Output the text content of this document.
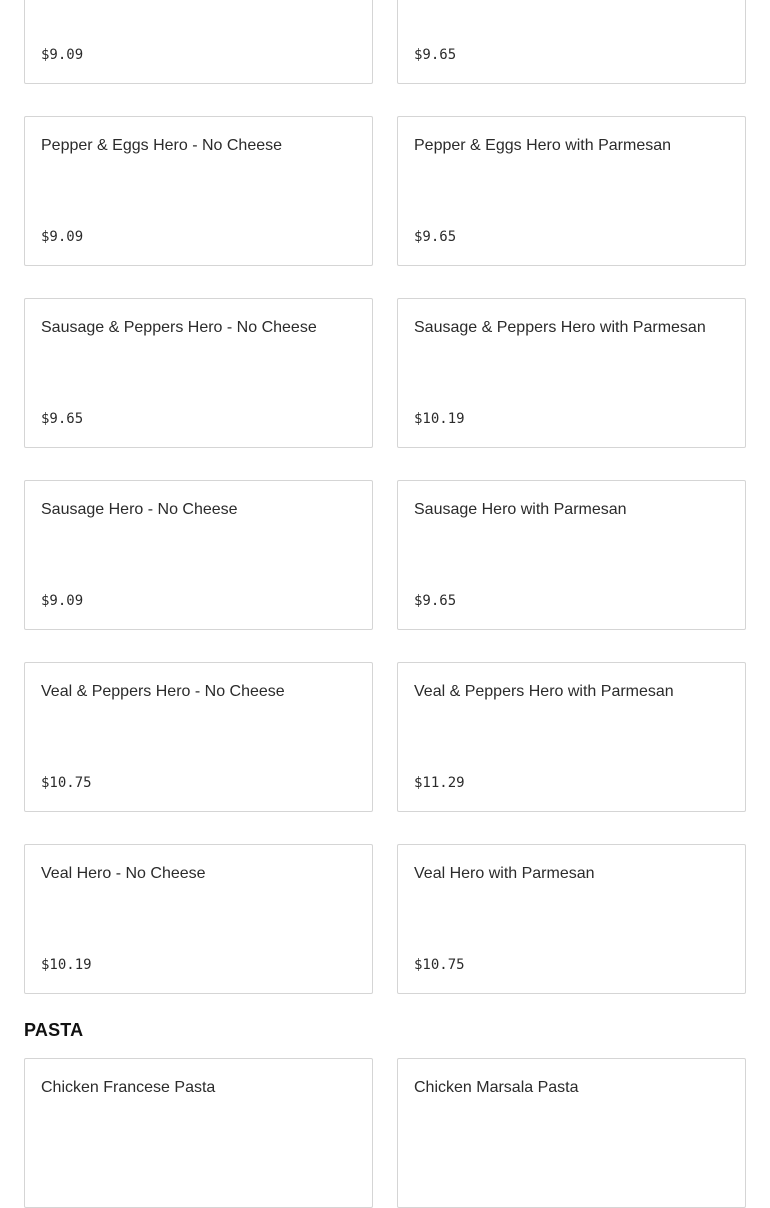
$9.09	$9.65
Pepper & Eggs Hero - No Cheese
$9.09
Pepper & Eggs Hero with Parmesan
$9.65
Sausage & Peppers Hero - No Cheese
$9.65
Sausage & Peppers Hero with Parmesan
$10.19
Sausage Hero - No Cheese
$9.09
Sausage Hero with Parmesan
$9.65
Veal & Peppers Hero - No Cheese
$10.75
Veal & Peppers Hero with Parmesan
$11.29
Veal Hero - No Cheese
$10.19
Veal Hero with Parmesan
$10.75
PASTA
Chicken Francese Pasta	Chicken Marsala Pasta
